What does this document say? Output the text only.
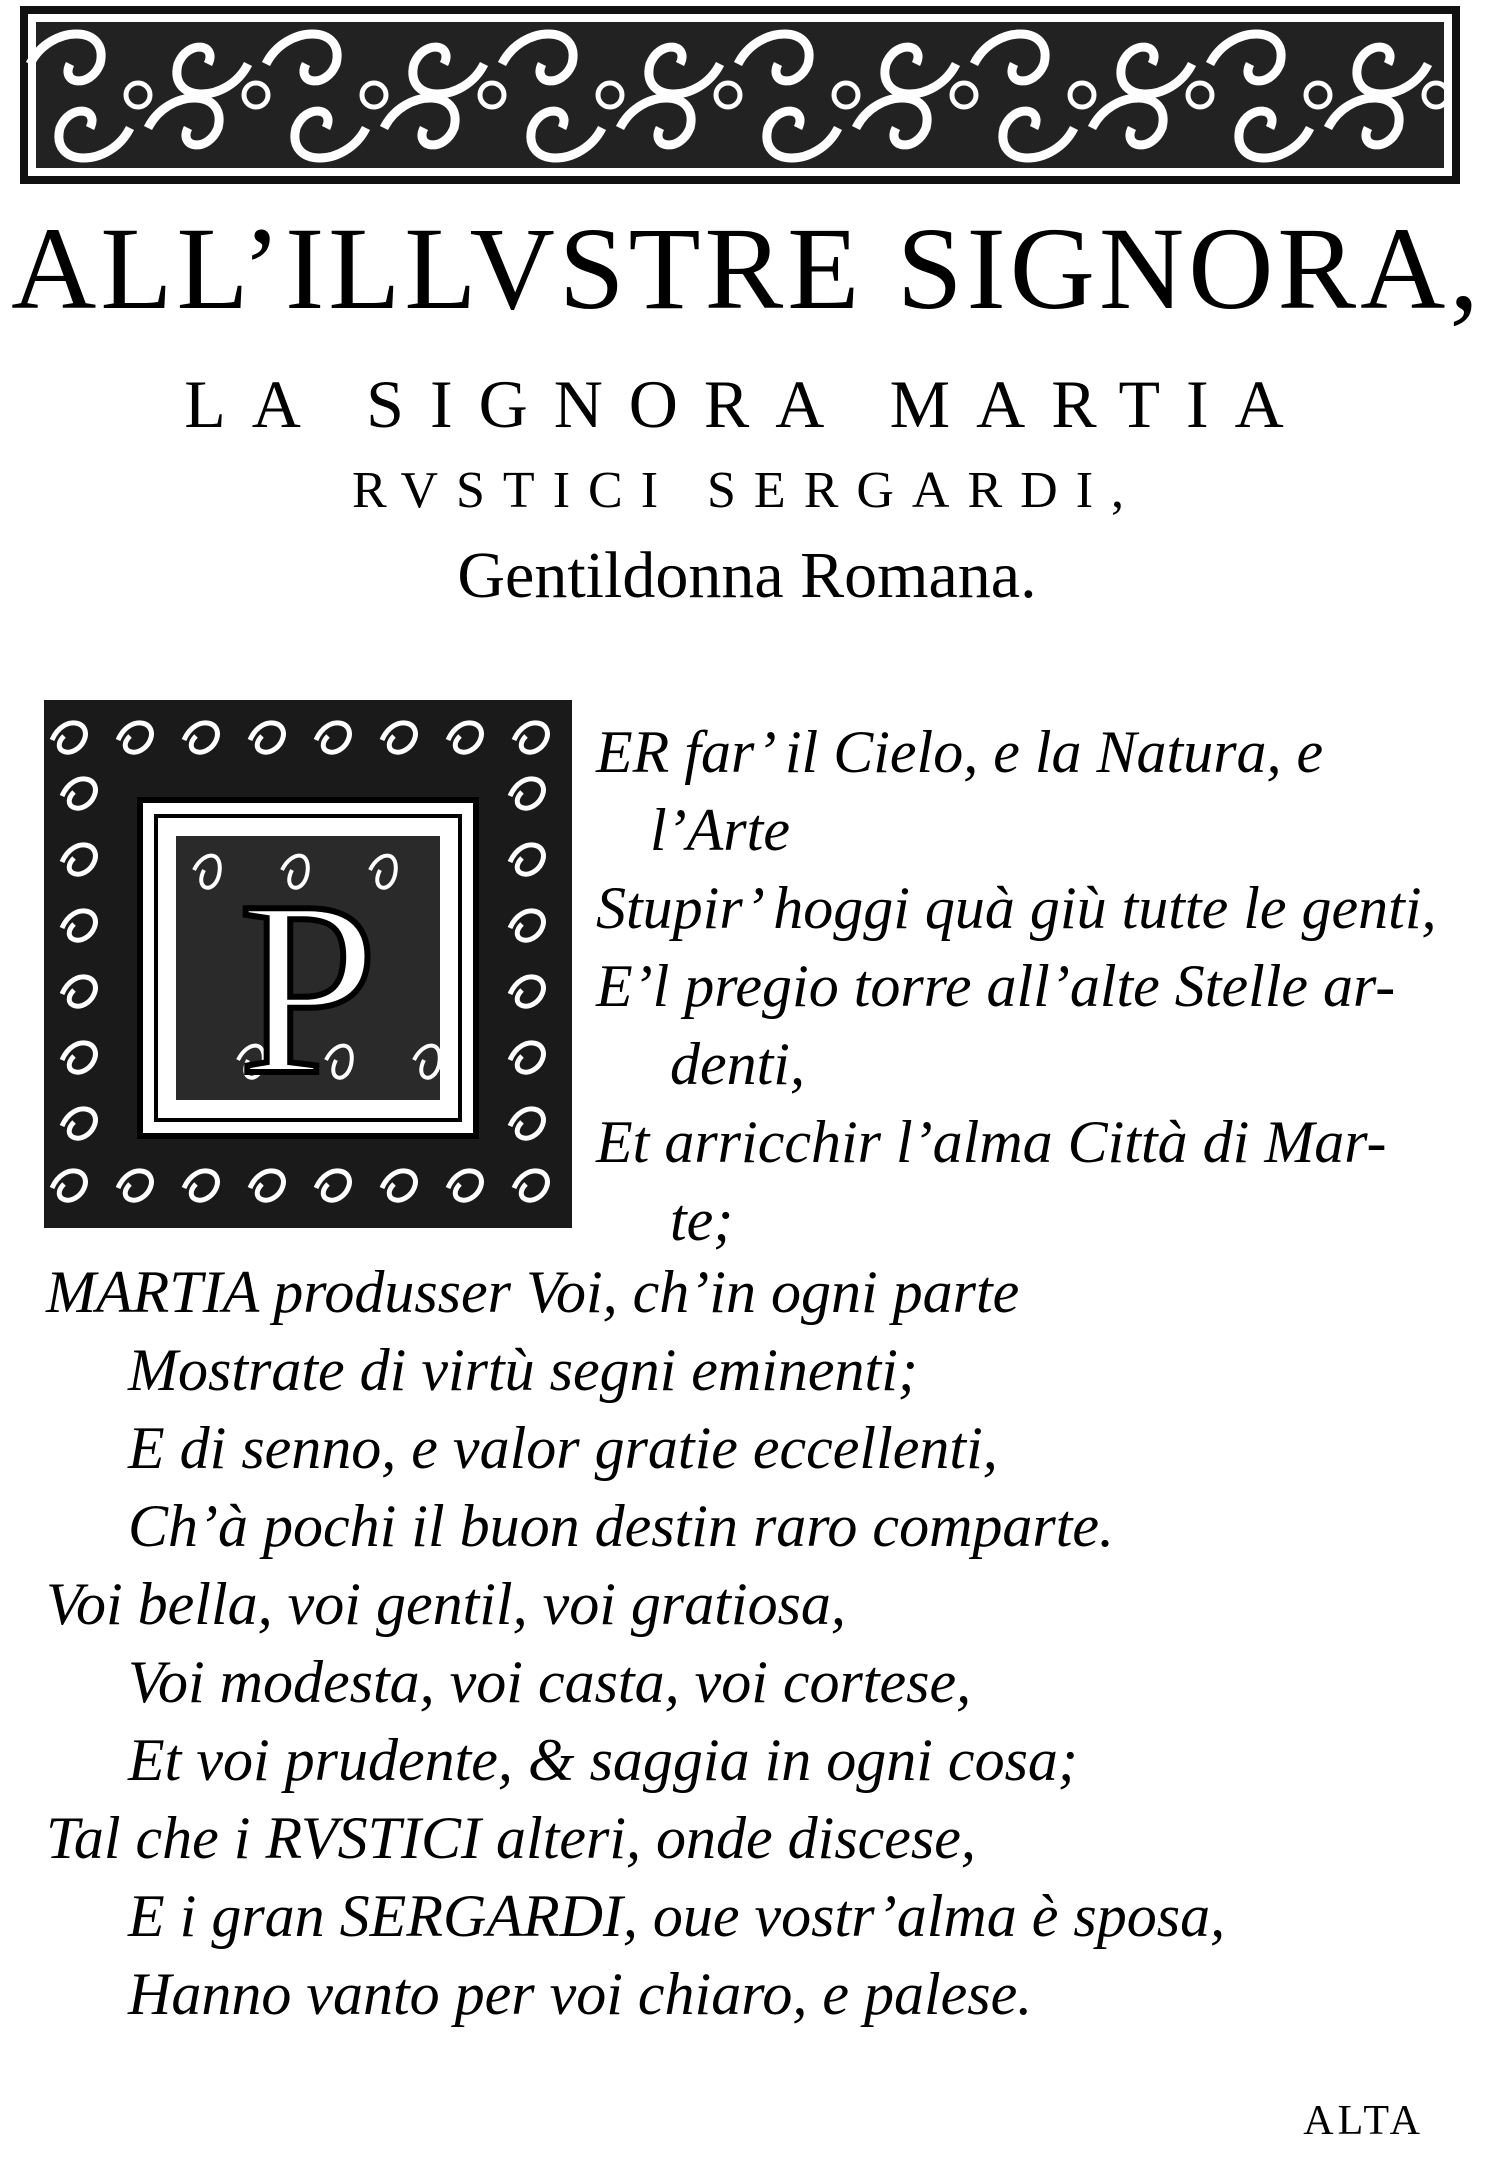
ALL’ILLVSTRE SIGNORA,
LA SIGNORA MARTIA
RVSTICI SERGARDI,
Gentildonna Romana.
P
ER far’ il Cielo, e la Natura, e
l’Arte
Stupir’ hoggi quà giù tutte le genti,
E’l pregio torre all’alte Stelle ar-
denti,
Et arricchir l’alma Città di Mar-
te;
MARTIA produsser Voi, ch’in ogni parte
Mostrate di virtù segni eminenti;
E di senno, e valor gratie eccellenti,
Ch’à pochi il buon destin raro comparte.
Voi bella, voi gentil, voi gratiosa,
Voi modesta, voi casta, voi cortese,
Et voi prudente, & saggia in ogni cosa;
Tal che i RVSTICI alteri, onde discese,
E i gran SERGARDI, oue vostr’alma è sposa,
Hanno vanto per voi chiaro, e palese.
ALTA
